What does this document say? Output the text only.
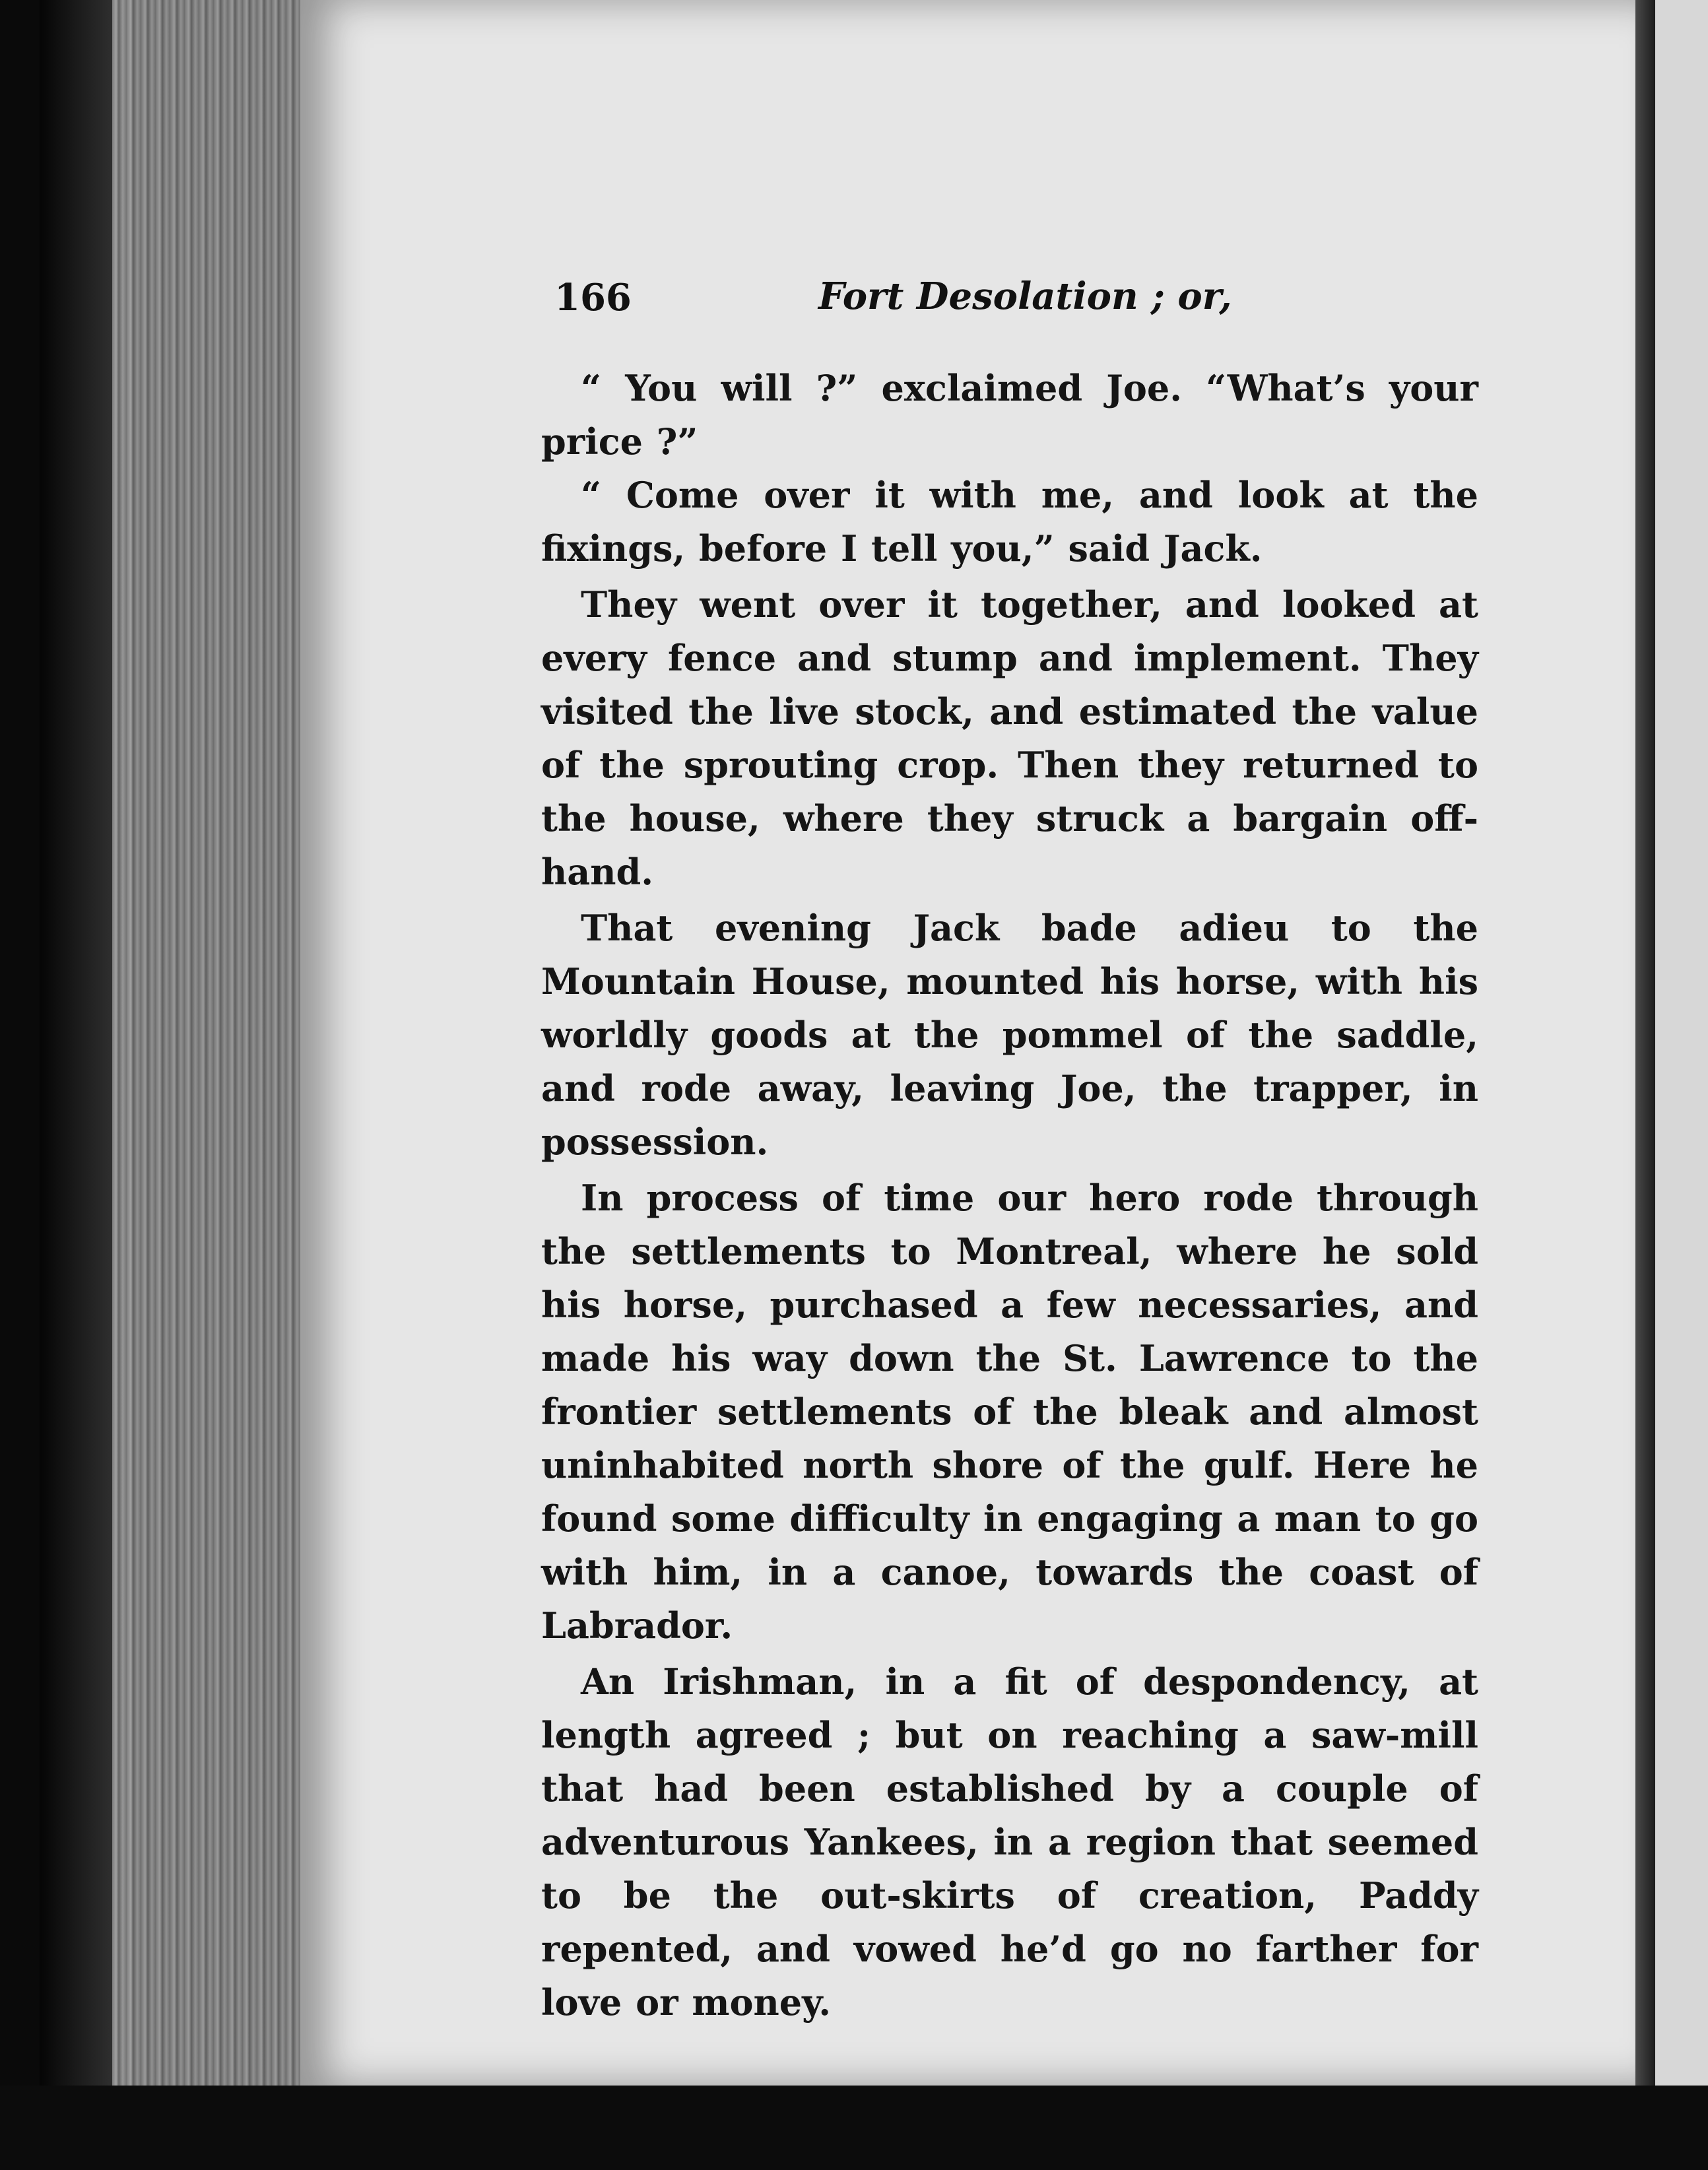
166	Fort Desolation ; or,

“ You will ?” exclaimed Joe. “What’s your price ?”

“ Come over it with me, and look at the fixings, before I tell you,” said Jack.

They went over it together, and looked at every fence and stump and implement. They visited the live stock, and estimated the value of the sprouting crop. Then they returned to the house, where they struck a bargain off-hand.

That evening Jack bade adieu to the Mountain House, mounted his horse, with his worldly goods at the pommel of the saddle, and rode away, leaving Joe, the trapper, in possession.

In process of time our hero rode through the settlements to Montreal, where he sold his horse, purchased a few necessaries, and made his way down the St. Lawrence to the frontier settlements of the bleak and almost uninhabited north shore of the gulf. Here he found some difficulty in engaging a man to go with him, in a canoe, towards the coast of Labrador.

An Irishman, in a fit of despondency, at length agreed ; but on reaching a saw-mill that had been established by a couple of adventurous Yankees, in a region that seemed to be the out-skirts of creation, Paddy repented, and vowed he’d go no farther for love or money.
